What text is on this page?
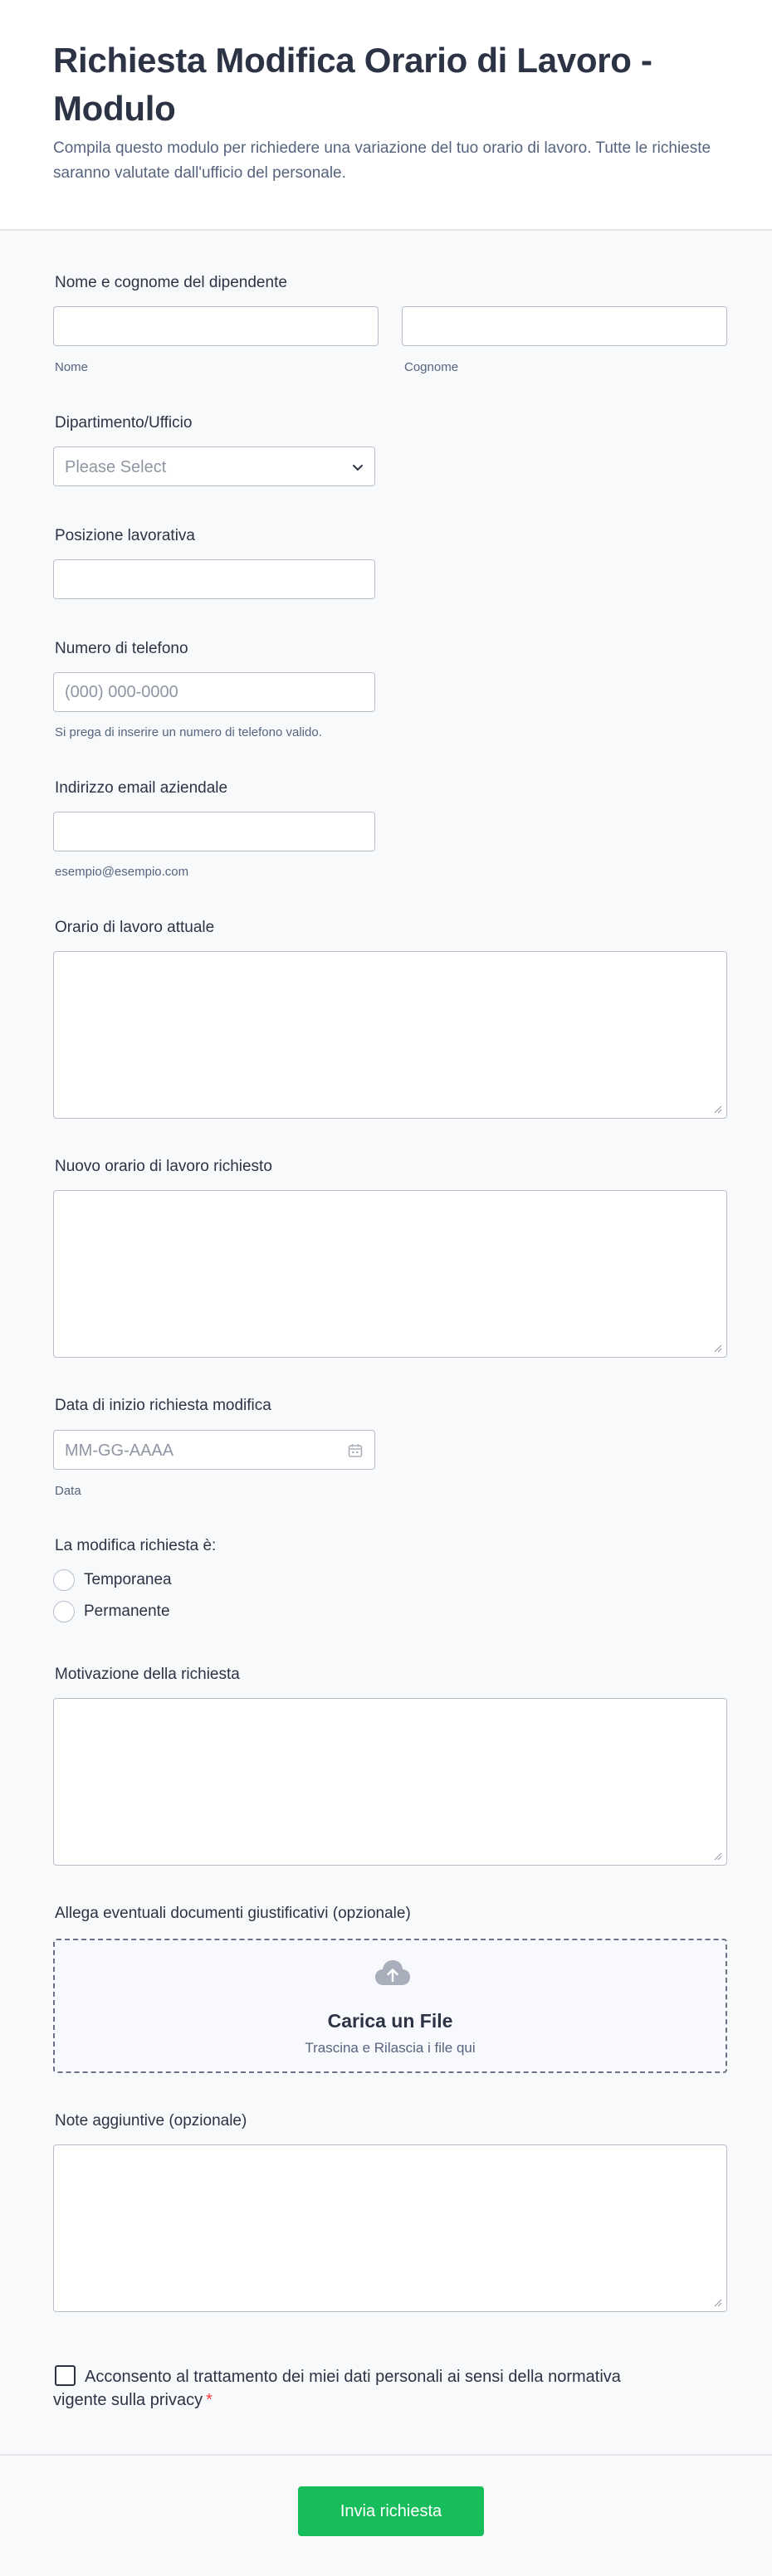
Richiesta Modifica Orario di Lavoro - Modulo
Compila questo modulo per richiedere una variazione del tuo orario di lavoro. Tutte le richieste saranno valutate dall'ufficio del personale.
Nome e cognome del dipendente
Nome	Cognome
Dipartimento/Ufficio
Please Select
Posizione lavorativa
Numero di telefono
(000) 000-0000
Si prega di inserire un numero di telefono valido.
Indirizzo email aziendale
esempio@esempio.com
Orario di lavoro attuale
Nuovo orario di lavoro richiesto
Data di inizio richiesta modifica
MM-GG-AAAA
Data
La modifica richiesta è:
Temporanea
Permanente
Motivazione della richiesta
Allega eventuali documenti giustificativi (opzionale)
Carica un File
Trascina e Rilascia i file qui
Note aggiuntive (opzionale)
Acconsento al trattamento dei miei dati personali ai sensi della normativa vigente sulla privacy *
Invia richiesta
